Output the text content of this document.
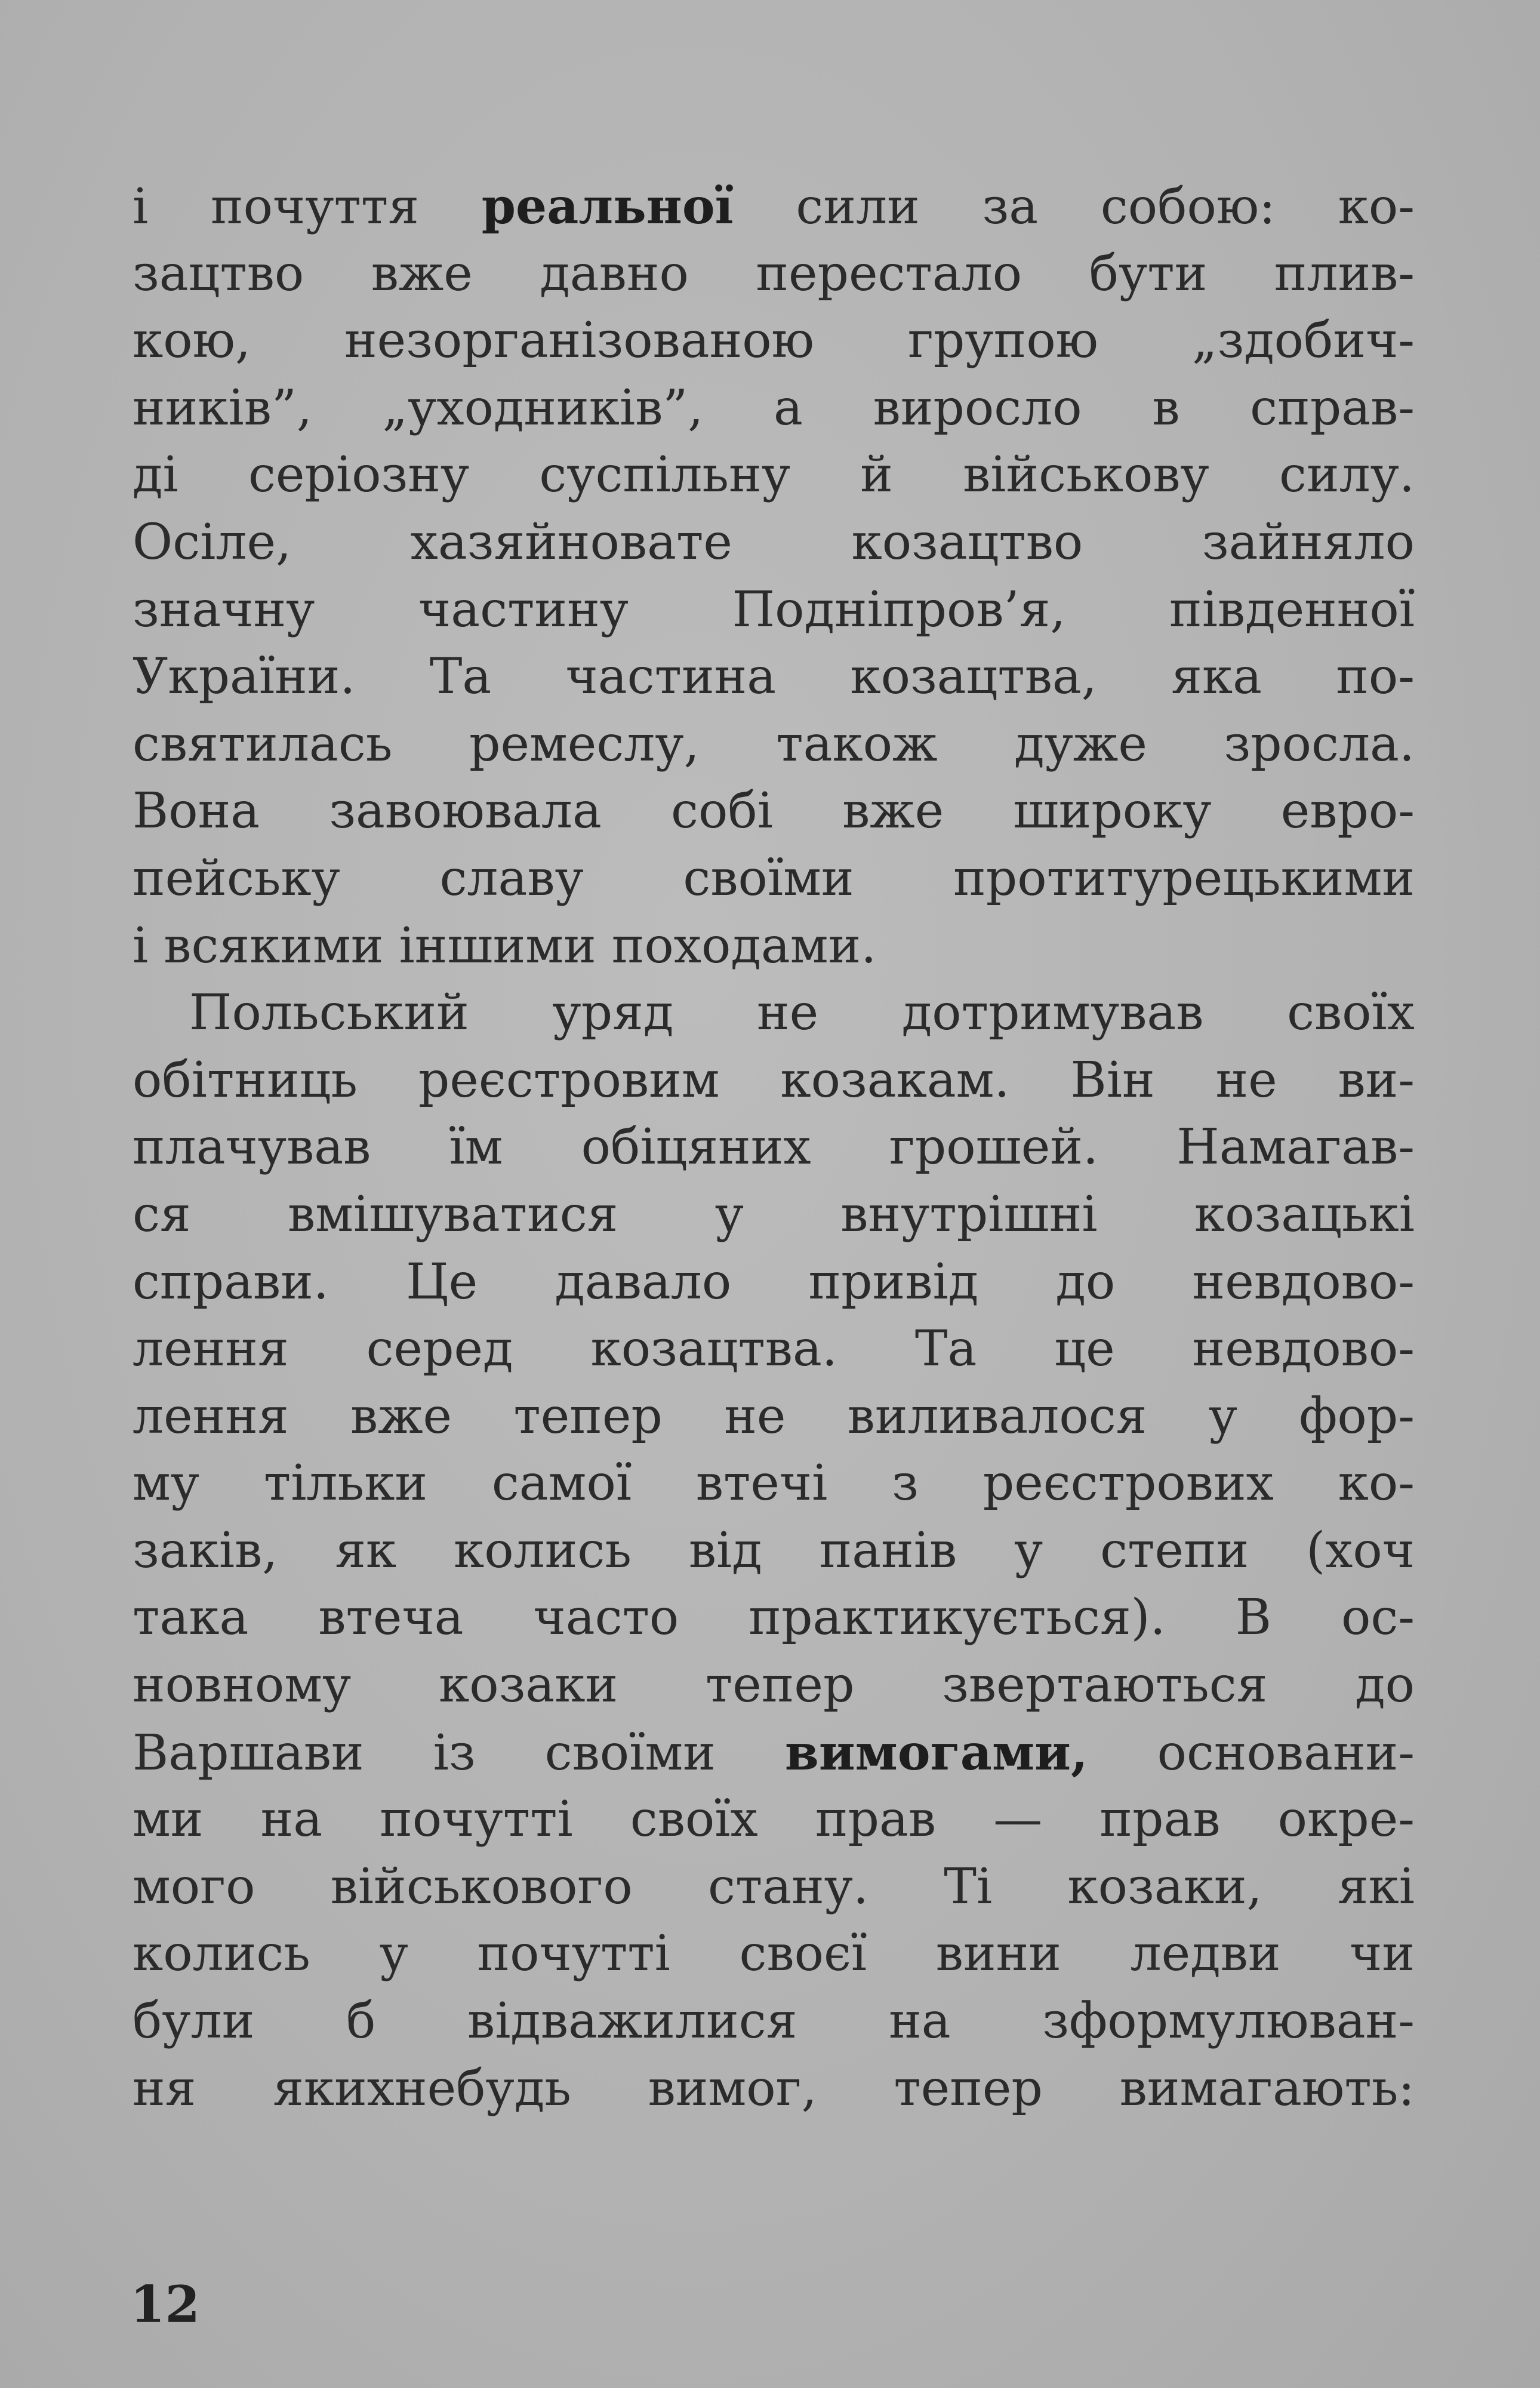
і почуття реальної сили за собою: ко-
зацтво вже давно перестало бути плив-
кою, незорганізованою групою „здобич-
ників”, „уходників”, а виросло в справ-
ді серіозну суспільну й військову силу.
Осіле, хазяйновате козацтво зайняло
значну частину Подніпров’я, південної
України. Та частина козацтва, яка по-
святилась ремеслу, також дуже зросла.
Вона завоювала собі вже широку евро-
пейську славу своїми протитурецькими
і всякими іншими походами.
Польський уряд не дотримував своїх
обітниць реєстровим козакам. Він не ви-
плачував їм обіцяних грошей. Намагав-
ся вмішуватися у внутрішні козацькі
справи. Це давало привід до невдово-
лення серед козацтва. Та це невдово-
лення вже тепер не виливалося у фор-
му тільки самої втечі з реєстрових ко-
заків, як колись від панів у степи (хоч
така втеча часто практикується). В ос-
новному козаки тепер звертаються до
Варшави із своїми вимогами, основани-
ми на почутті своїх прав — прав окре-
мого військового стану. Ті козаки, які
колись у почутті своєї вини ледви чи
були б відважилися на зформулюван-
ня якихнебудь вимог, тепер вимагають:
12
